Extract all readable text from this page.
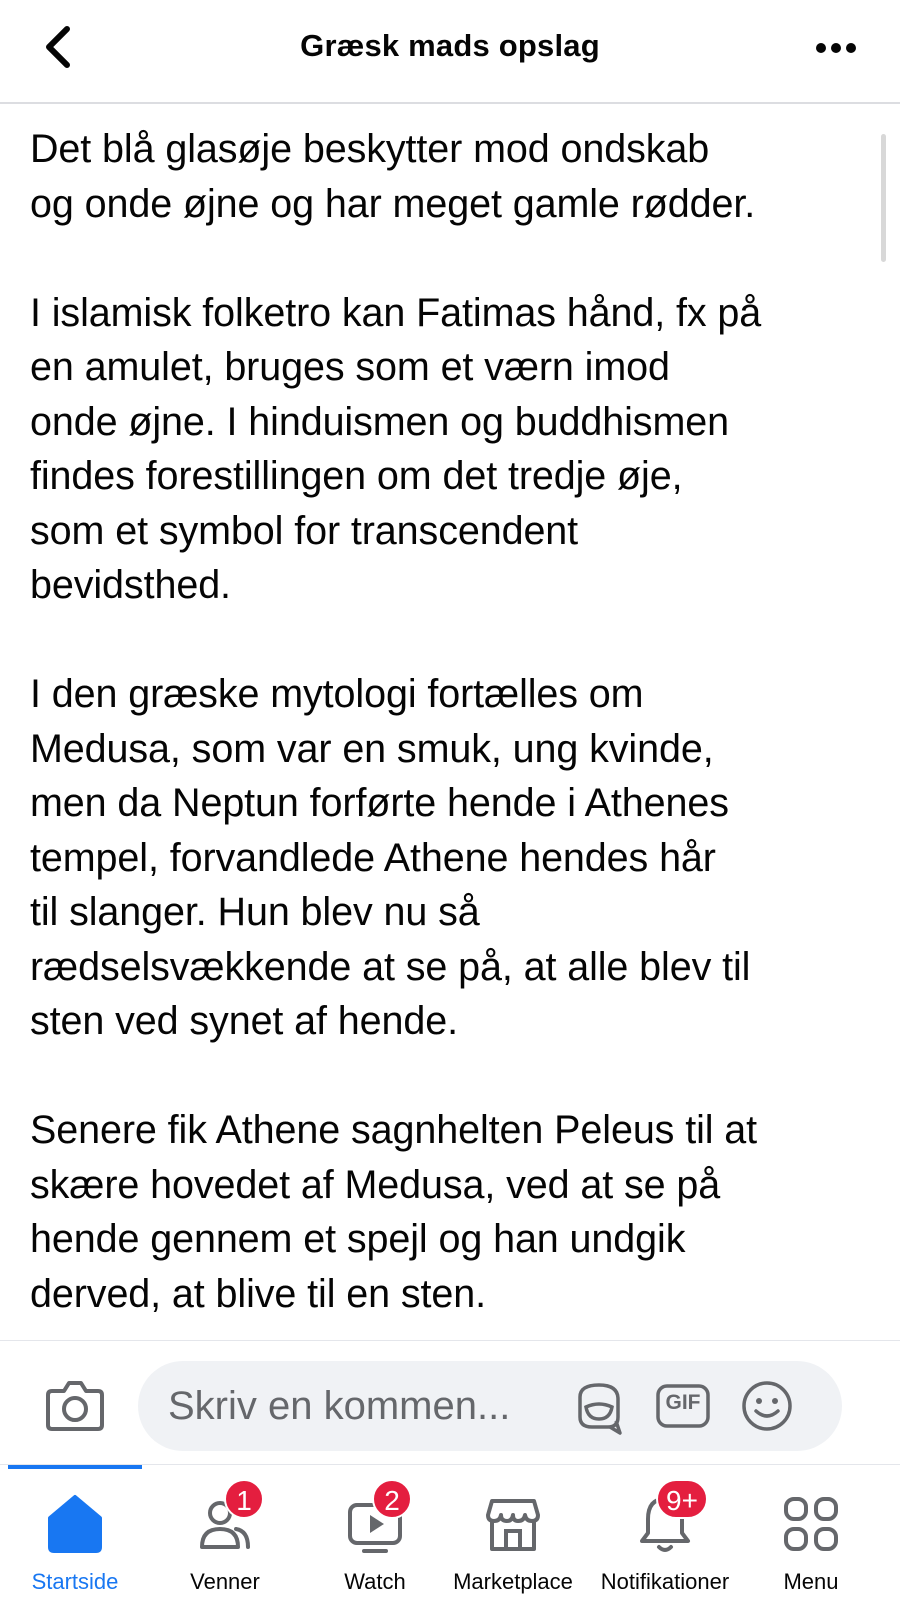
Græsk mads opslag

Det blå glasøje beskytter mod ondskab
og onde øjne og har meget gamle rødder.

I islamisk folketro kan Fatimas hånd, fx på
en amulet, bruges som et værn imod
onde øjne. I hinduismen og buddhismen
findes forestillingen om det tredje øje,
som et symbol for transcendent
bevidsthed.

I den græske mytologi fortælles om
Medusa, som var en smuk, ung kvinde,
men da Neptun forførte hende i Athenes
tempel, forvandlede Athene hendes hår
til slanger. Hun blev nu så
rædselsvækkende at se på, at alle blev til
sten ved synet af hende.

Senere fik Athene sagnhelten Peleus til at
skære hovedet af Medusa, ved at se på
hende gennem et spejl og han undgik
derved, at blive til en sten.

Skriv en kommen...
GIF
Startside
1
Venner
2
Watch	Marketplace
9+
Notifikationer	Menu
